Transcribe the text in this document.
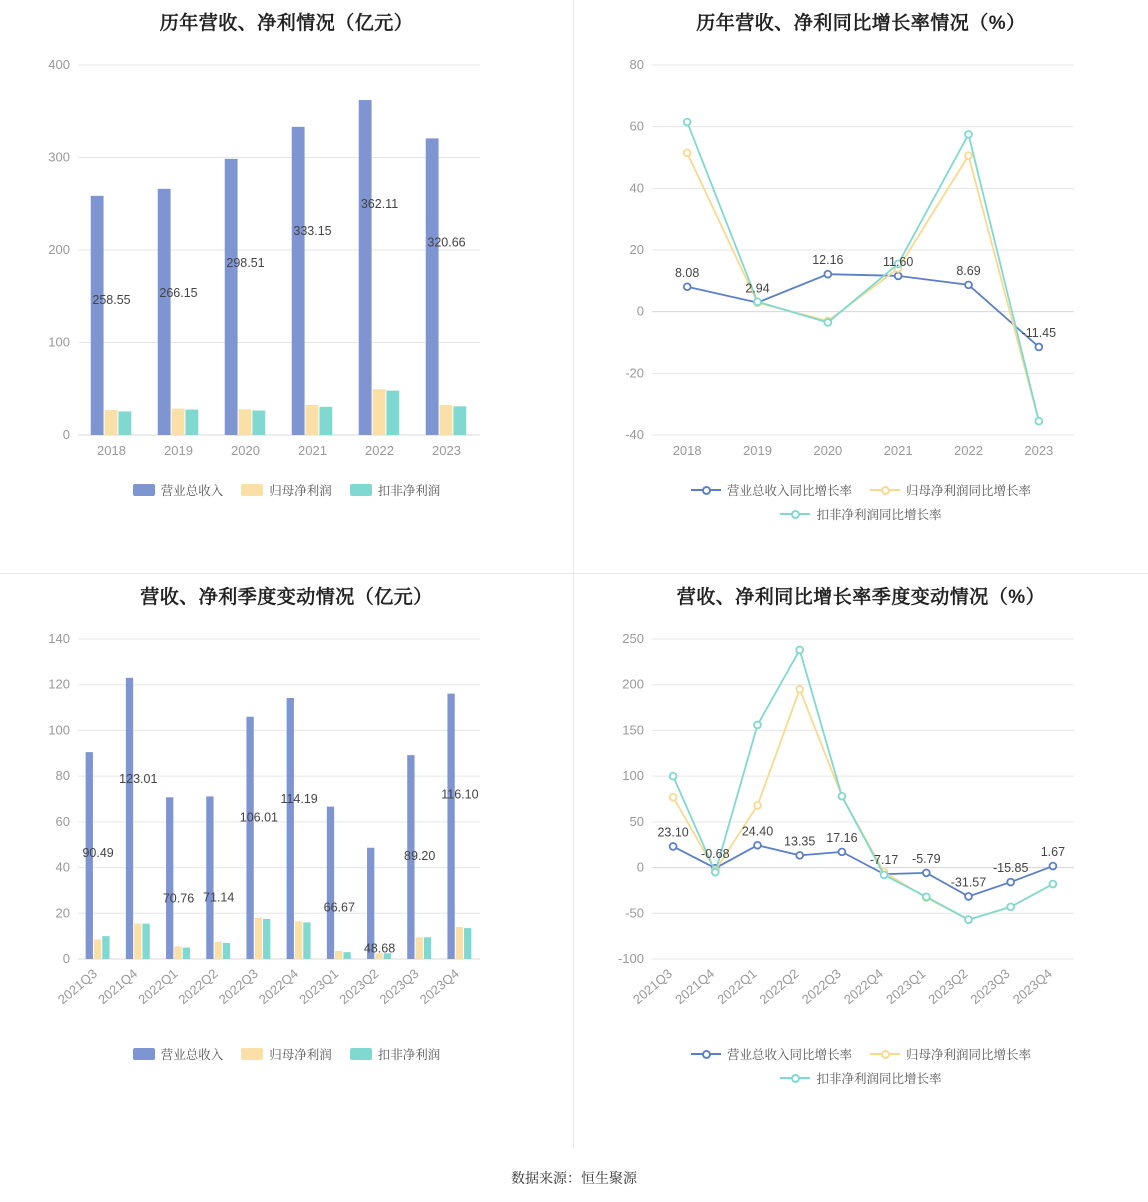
历年营收、净利情况（亿元）
0
100
200
300
400
2018	2019	2020	2021	2022	2023
258.55
266.15
298.51
333.15
362.11
320.66
营业总收入	归母净利润	扣非净利润
历年营收、净利同比增长率情况（%）
-40
-20
0
20
40
60
80
2018	2019	2020	2021	2022	2023
8.08
2.94
12.16	11.60
8.69
-11.45
营业总收入同比增长率	归母净利润同比增长率
扣非净利润同比增长率
营收、净利季度变动情况（亿元）
0
20
40
60
80
100
120
140
2021Q3
2021Q4
2022Q1
2022Q2
2022Q3
2022Q4
2023Q1
2023Q2
2023Q3
2023Q4
90.49
123.01
70.76 71.14
106.01
114.19
66.67
48.68
89.20
116.10
营业总收入	归母净利润	扣非净利润
营收、净利同比增长率季度变动情况（%）
-100
-50
0
50
100
150
200
250
2021Q3
2021Q4
2022Q1
2022Q2
2022Q3
2022Q4
2023Q1
2023Q2
2023Q3
2023Q4
23.10
-0.68
24.40
13.35 17.16
-7.17 -5.79
-31.57
-15.85
1.67
营业总收入同比增长率	归母净利润同比增长率
扣非净利润同比增长率
数据来源：恒生聚源
